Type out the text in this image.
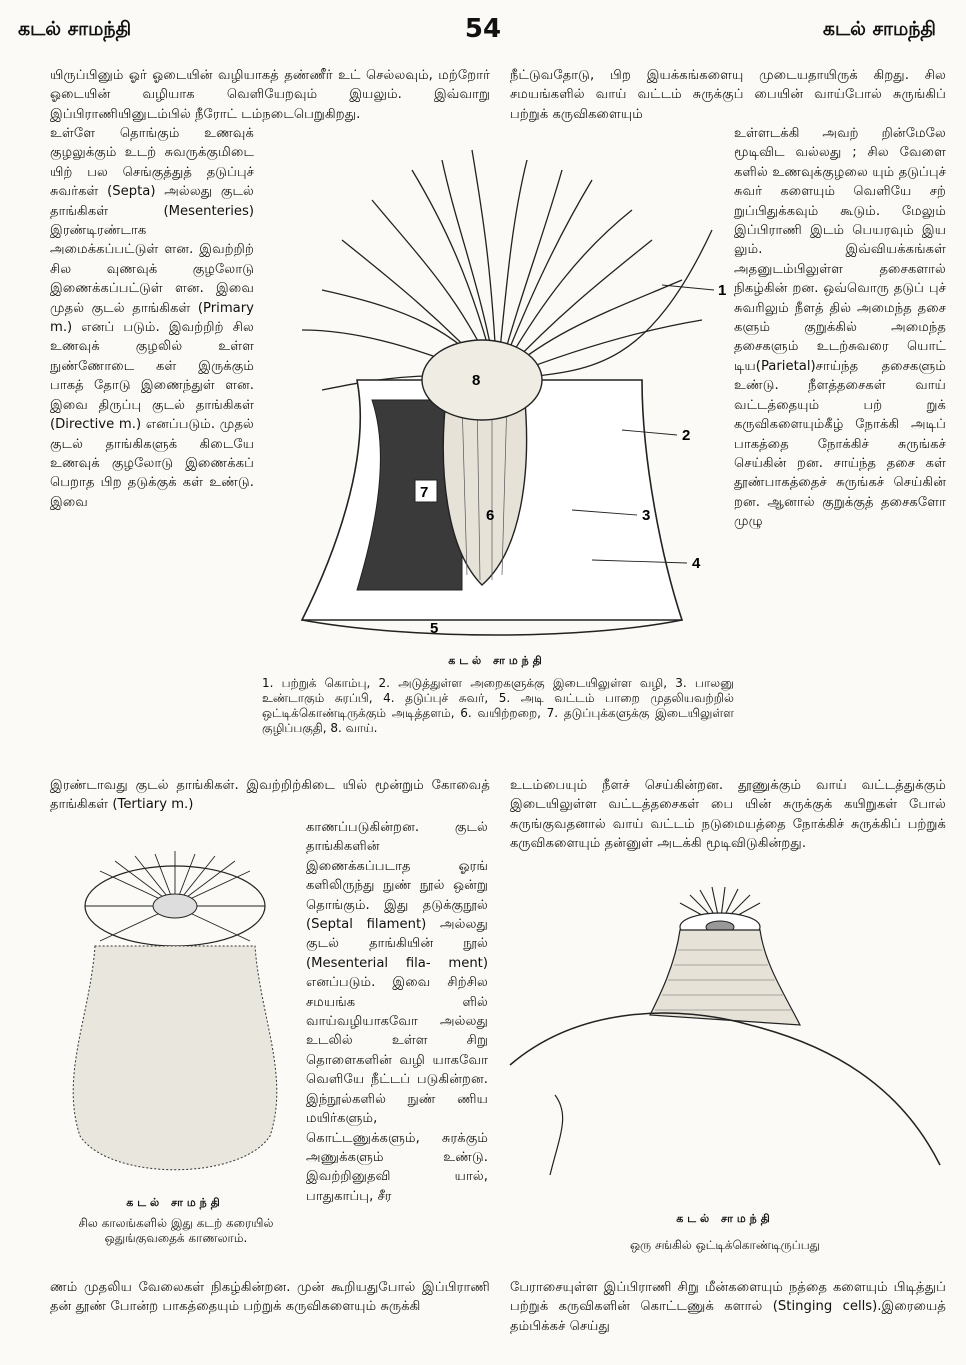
கடல் சாமந்தி	54	கடல் சாமந்தி

யிருப்பினும் ஓர் ஓடையின் வழியாகத் தண்ணீர் உட் செல்லவும், மற்றோர் ஓடையின் வழியாக வெளியேறவும் இயலும். இவ்வாறு இப்பிராணியினுடம்பில் நீரோட் டம்நடைபெறுகிறது.

நீட்டுவதோடு, பிற இயக்கங்களையு முடையதாயிருக் கிறது. சில சமயங்களில் வாய் வட்டம் சுருக்குப் பையின் வாய்போல் சுருங்கிப் பற்றுக் கருவிகளையும்

உள்ளே தொங்கும் உணவுக் குழலுக்கும் உடற் சுவருக்குமிடை யிற் பல செங்குத்துத் தடுப்புச் சுவர்கள் (Septa) அல்லது குடல் தாங்கிகள் (Mesenteries) இரண்டிரண்டாக அமைக்கப்பட்டுள் ளன. இவற்றிற் சில வுணவுக் குழலோடு இணைக்கப்பட்டுள் ளன. இவை முதல் குடல் தாங்கிகள் (Primary m.) எனப் படும். இவற்றிற் சில உணவுக் குழலில் உள்ள நுண்ணோடை கள் இருக்கும் பாகத் தோடு இணைந்துள் ளன. இவை திருப்பு குடல் தாங்கிகள் (Directive m.) எனப்படும். முதல் குடல் தாங்கிகளுக் கிடையே உணவுக் குழலோடு இணைக்கப் பெறாத பிற தடுக்குக் கள் உண்டு. இவை

உள்ளடக்கி அவற் றின்மேலே மூடிவிட வல்லது ; சில வேளை களில் உணவுக்குழலை யும் தடுப்புச் சுவர் களையும் வெளியே சற் றுப்பிதுக்கவும் கூடும். மேலும் இப்பிராணி இடம் பெயரவும் இய லும். இவ்வியக்கங்கள் அதனுடம்பிலுள்ள தசைகளால் நிகழ்கின் றன. ஒவ்வொரு தடுப் புச் சுவரிலும் நீளத் தில் அமைந்த தசை களும் குறுக்கில் அமைந்த தசைகளும் உடற்சுவரை யொட் டிய(Parietal)சாய்ந்த தசைகளும் உண்டு. நீளத்தசைகள் வாய் வட்டத்தையும் பற் றுக் கருவிகளையும்கீழ் நோக்கி அடிப் பாகத்தை நோக்கிச் சுருங்கச் செய்கின் றன. சாய்ந்த தசை கள் தூண்பாகத்தைச் சுருங்கச் செய்கின் றன. ஆனால் குறுக்குத் தசைகளோ முழு

1
2
3
4
5
6
7
8
கடல் சாமந்தி
1. பற்றுக் கொம்பு, 2. அடுத்துள்ள அறைகளுக்கு இடையிலுள்ள வழி, 3. பாலனு உண்டாகும் சுரப்பி, 4. தடுப்புச் சுவர், 5. அடி வட்டம் பாறை முதலியவற்றில் ஒட்டிக்கொண்டிருக்கும் அடித்தளம், 6. வயிற்றறை, 7. தடுப்புக்களுக்கு இடையிலுள்ள குழிப்பகுதி, 8. வாய்.

இரண்டாவது குடல் தாங்கிகள். இவற்றிற்கிடை யில் மூன்றும் கோவைத் தாங்கிகள் (Tertiary m.)

உடம்பையும் நீளச் செய்கின்றன. தூணுக்கும் வாய் வட்டத்துக்கும் இடையிலுள்ள வட்டத்தசைகள் பை யின் சுருக்குக் கயிறுகள் போல் சுருங்குவதனால் வாய் வட்டம் நடுமையத்தை நோக்கிச் சுருக்கிப் பற்றுக் கருவிகளையும் தன்னுள் அடக்கி மூடிவிடுகின்றது.

காணப்படுகின்றன. குடல் தாங்கிகளின் இணைக்கப்படாத ஓரங் களிலிருந்து நுண் நூல் ஒன்று தொங்கும். இது தடுக்குநூல் (Septal filament) அல்லது குடல் தாங்கியின் நூல் (Mesenterial fila- ment) எனப்படும். இவை சிற்சில சமயங்க ளில் வாய்வழியாகவோ அல்லது உடலில் உள்ள சிறு தொளைகளின் வழி யாகவோ வெளியே நீட்டப் படுகின்றன. இந்நூல்களில் நுண் ணிய மயிர்களும், கொட்டணுக்களும், சுரக்கும் அணுக்களும் உண்டு. இவற்றினுதவி யால், பாதுகாப்பு, சீர

கடல் சாமந்தி
சில காலங்களில் இது கடற் கரையில் ஒதுங்குவதைக் காணலாம்.
கடல் சாமந்தி
ஒரு சங்கில் ஒட்டிக்கொண்டிருப்பது

ணம் முதலிய வேலைகள் நிகழ்கின்றன. முன் கூறியதுபோல் இப்பிராணி தன் தூண் போன்ற பாகத்தையும் பற்றுக் கருவிகளையும் சுருக்கி

பேராசையுள்ள இப்பிராணி சிறு மீன்களையும் நத்தை களையும் பிடித்துப் பற்றுக் கருவிகளின் கொட்டணுக் களால் (Stinging cells).இரையைத் தம்பிக்கச் செய்து
